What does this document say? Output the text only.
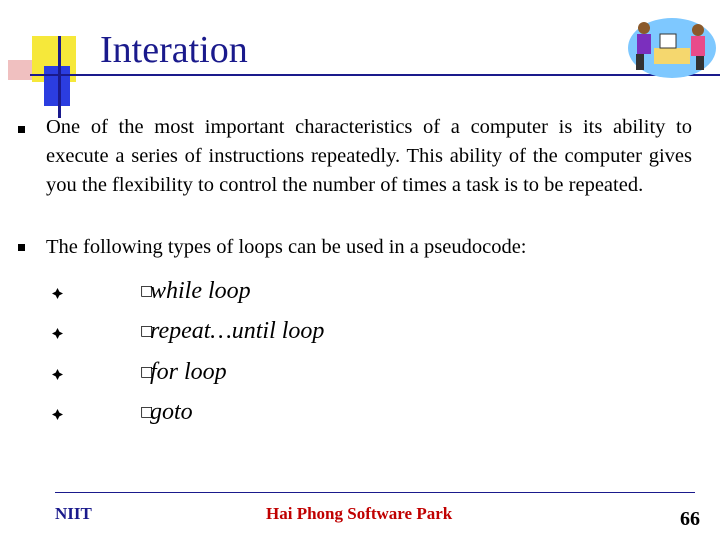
Interation
One of the most important characteristics of a computer is its ability to execute a series of instructions repeatedly. This ability of the computer gives you the flexibility to control the number of times a task is to be repeated.
The following types of loops can be used in a pseudocode:
□
while loop
□
repeat…until loop
□
for loop
□
goto
NIIT	Hai Phong Software Park	66
